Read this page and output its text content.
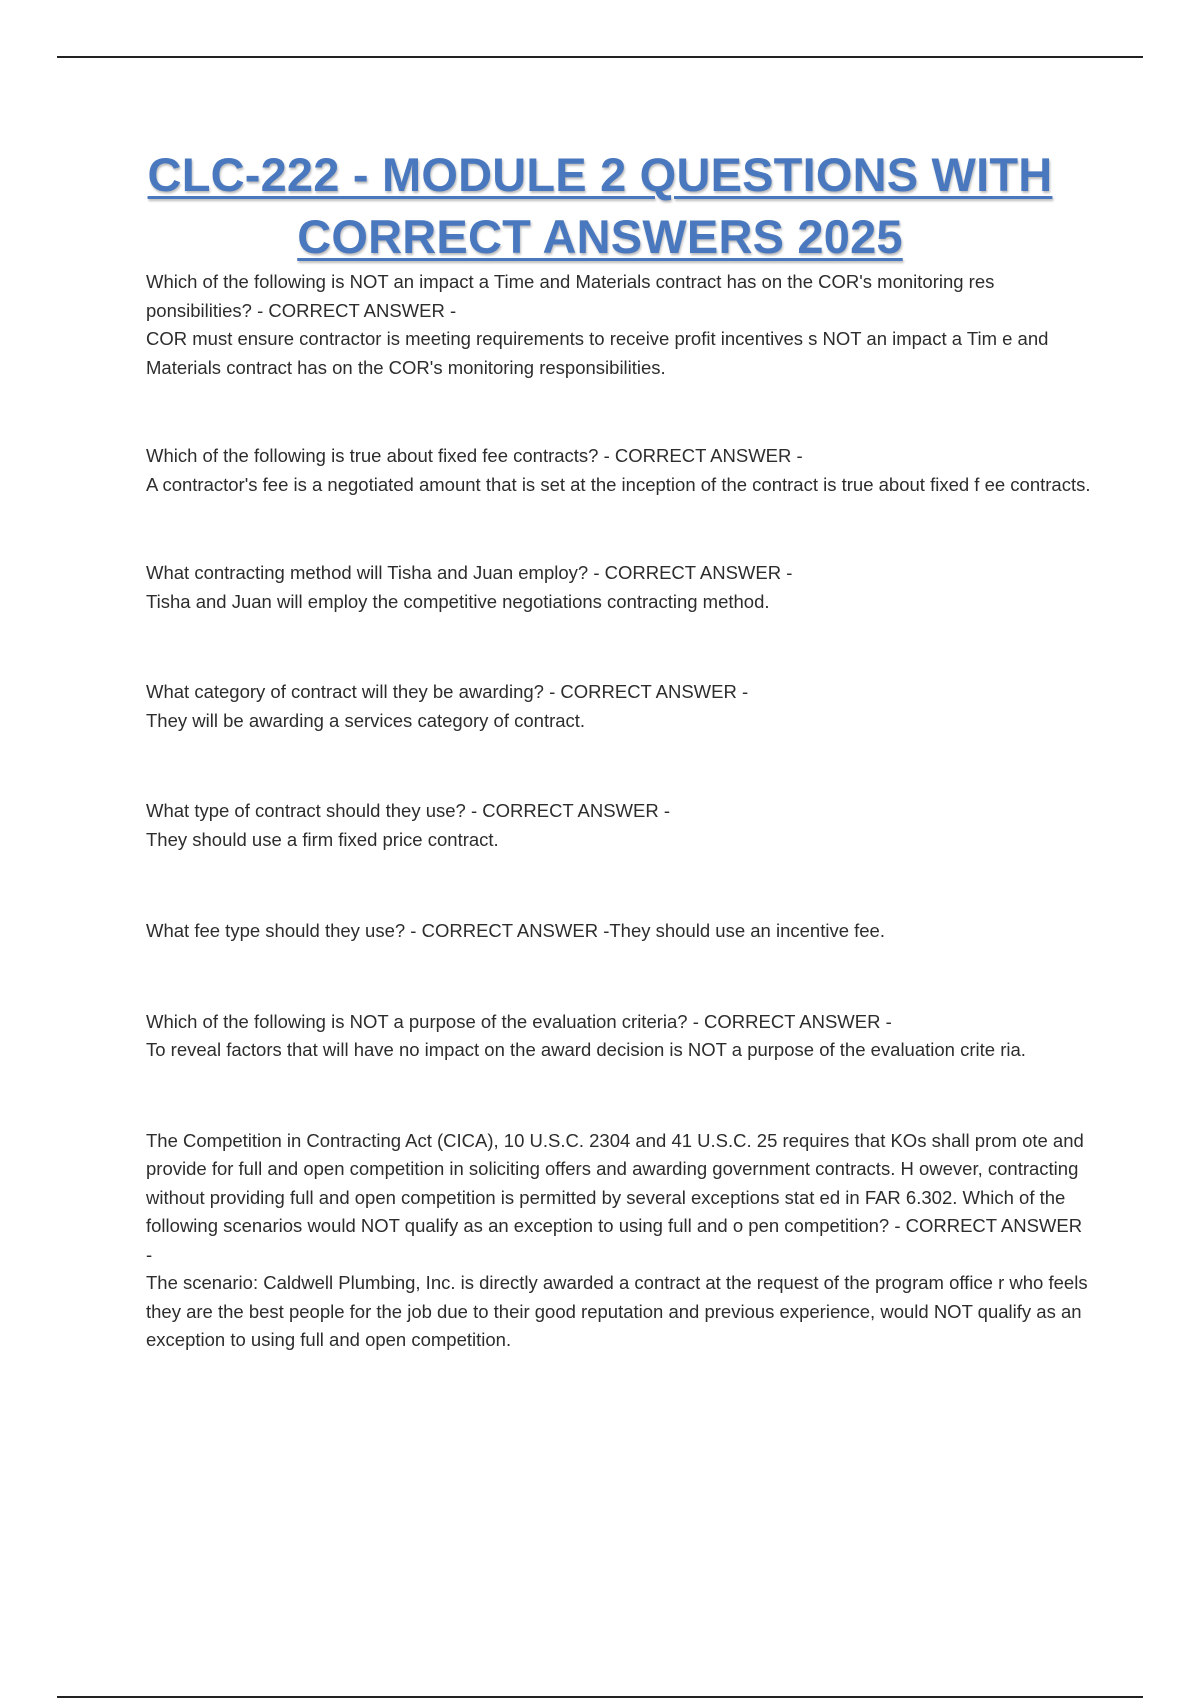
CLC-222 - MODULE 2 QUESTIONS WITH
CORRECT ANSWERS 2025

Which of the following is NOT an impact a Time and Materials contract has on the COR's monitoring res ponsibilities? - CORRECT ANSWER -

COR must ensure contractor is meeting requirements to receive profit incentives s NOT an impact a Tim e and Materials contract has on the COR's monitoring responsibilities.

Which of the following is true about fixed fee contracts? - CORRECT ANSWER -

A contractor's fee is a negotiated amount that is set at the inception of the contract is true about fixed f ee contracts.

What contracting method will Tisha and Juan employ? - CORRECT ANSWER -

Tisha and Juan will employ the competitive negotiations contracting method.

What category of contract will they be awarding? - CORRECT ANSWER -

They will be awarding a services category of contract.

What type of contract should they use? - CORRECT ANSWER -

They should use a firm fixed price contract.

What fee type should they use? - CORRECT ANSWER -They should use an incentive fee.

Which of the following is NOT a purpose of the evaluation criteria? - CORRECT ANSWER -

To reveal factors that will have no impact on the award decision is NOT a purpose of the evaluation crite ria.

The Competition in Contracting Act (CICA), 10 U.S.C. 2304 and 41 U.S.C. 25 requires that KOs shall prom ote and provide for full and open competition in soliciting offers and awarding government contracts. H owever, contracting without providing full and open competition is permitted by several exceptions stat ed in FAR 6.302. Which of the following scenarios would NOT qualify as an exception to using full and o pen competition? - CORRECT ANSWER -

The scenario: Caldwell Plumbing, Inc. is directly awarded a contract at the request of the program office r who feels they are the best people for the job due to their good reputation and previous experience, would NOT qualify as an exception to using full and open competition.
